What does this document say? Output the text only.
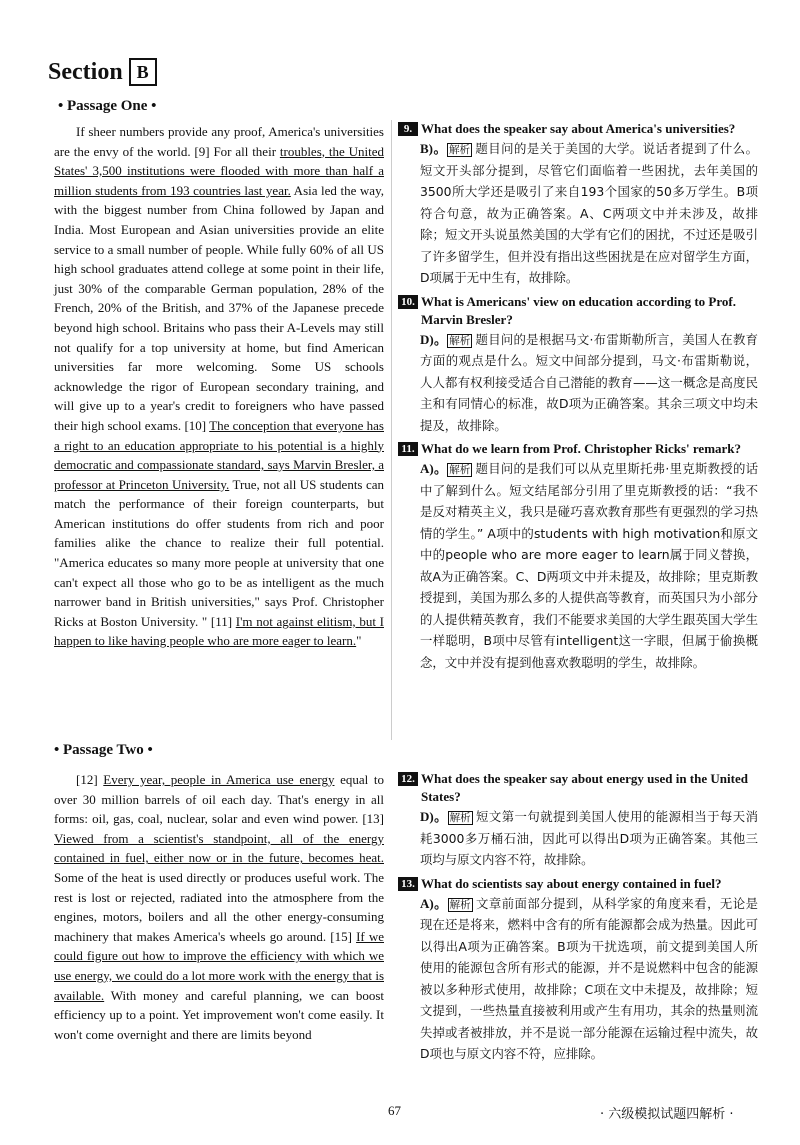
Section B
• Passage One •

If sheer numbers provide any proof, America's universities are the envy of the world. [9] For all their troubles, the United States' 3,500 institutions were flooded with more than half a million students from 193 countries last year. Asia led the way, with the biggest number from China followed by Japan and India. Most European and Asian universities provide an elite service to a small number of people. While fully 60% of all US high school graduates attend college at some point in their life, just 30% of the comparable German population, 28% of the French, 20% of the British, and 37% of the Japanese precede beyond high school. Britains who pass their A-Levels may still not qualify for a top university at home, but find American universities far more welcoming. Some US schools acknowledge the rigor of European secondary training, and will give up to a year's credit to foreigners who have passed their high school exams. [10] The conception that everyone has a right to an education appropriate to his potential is a highly democratic and compassionate standard, says Marvin Bresler, a professor at Princeton University. True, not all US students can match the performance of their foreign counterparts, but American institutions do offer students from rich and poor families alike the chance to realize their full potential. "America educates so many more people at university that one can't expect all those who go to be as intelligent as the much narrower band in British universities," says Prof. Christopher Ricks at Boston University. " [11] I'm not against elitism, but I happen to like having people who are more eager to learn."

• Passage Two •

[12] Every year, people in America use energy equal to over 30 million barrels of oil each day. That's energy in all forms: oil, gas, coal, nuclear, solar and even wind power. [13] Viewed from a scientist's standpoint, all of the energy contained in fuel, either now or in the future, becomes heat. Some of the heat is used directly or produces useful work. The rest is lost or rejected, radiated into the atmosphere from the engines, motors, boilers and all the other energy-consuming machinery that makes America's wheels go around. [15] If we could figure out how to improve the efficiency with which we use energy, we could do a lot more work with the energy that is available. With money and careful planning, we can boost efficiency up to a point. Yet improvement won't come easily. It won't come overnight and there are limits beyond

9. What does the speaker say about America's universities?
B)。 解析 题目问的是关于美国的大学。说话者提到了什么。短文开头部分提到，尽管它们面临着一些困扰，去年美国的3500所大学还是吸引了来自193个国家的50多万学生。B项符合句意，故为正确答案。A、C两项文中并未涉及，故排除；短文开头说虽然美国的大学有它们的困扰，不过还是吸引了许多留学生，但并没有指出这些困扰是在应对留学生方面，D项属于无中生有，故排除。
10. What is Americans' view on education according to Prof. Marvin Bresler?
D)。 解析 题目问的是根据马文·布雷斯勒所言，美国人在教育方面的观点是什么。短文中间部分提到，马文·布雷斯勒说，人人都有权利接受适合自己潜能的教育——这一概念是高度民主和有同情心的标准，故D项为正确答案。其余三项文中均未提及，故排除。
11. What do we learn from Prof. Christopher Ricks' remark?
A)。 解析 题目问的是我们可以从克里斯托弗·里克斯教授的话中了解到什么。短文结尾部分引用了里克斯教授的话：“我不是反对精英主义，我只是碰巧喜欢教育那些有更强烈的学习热情的学生。” A项中的students with high motivation和原文中的people who are more eager to learn属于同义替换，故A为正确答案。C、D两项文中并未提及，故排除；里克斯教授提到，美国为那么多的人提供高等教育，而英国只为小部分的人提供精英教育，我们不能要求美国的大学生跟英国大学生一样聪明，B项中尽管有intelligent这一字眼，但属于偷换概念，文中并没有提到他喜欢教聪明的学生，故排除。
12. What does the speaker say about energy used in the United States?
D)。 解析 短文第一句就提到美国人使用的能源相当于每天消耗3000多万桶石油，因此可以得出D项为正确答案。其他三项均与原文内容不符，故排除。
13. What do scientists say about energy contained in fuel?
A)。 解析 文章前面部分提到，从科学家的角度来看，无论是现在还是将来，燃料中含有的所有能源都会成为热量。因此可以得出A项为正确答案。B项为干扰选项，前文提到美国人所使用的能源包含所有形式的能源，并不是说燃料中包含的能源被以多种形式使用，故排除；C项在文中未提及，故排除；短文提到，一些热量直接被利用或产生有用功，其余的热量则流失掉或者被排放，并不是说一部分能源在运输过程中流失，故D项也与原文内容不符，应排除。
67	· 六级模拟试题四解析 ·
